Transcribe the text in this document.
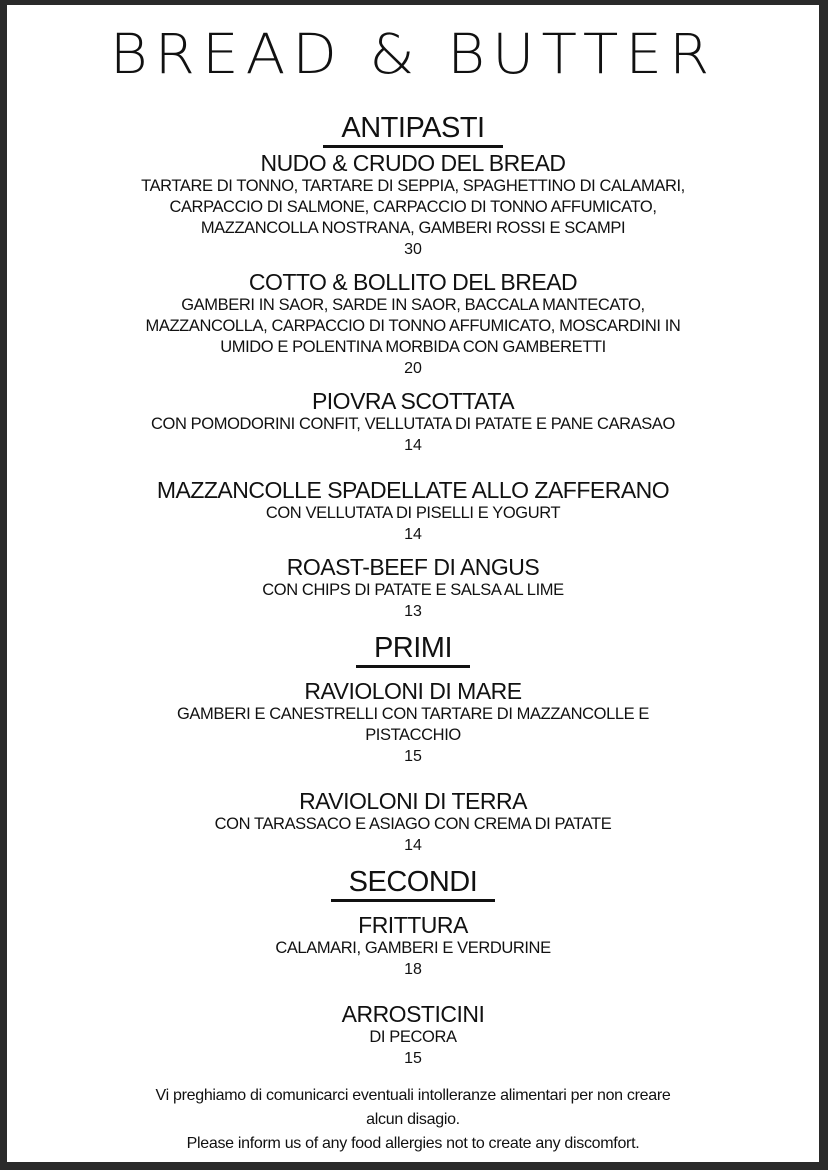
BREAD & BUTTER
ANTIPASTI
NUDO & CRUDO DEL BREAD
TARTARE DI TONNO, TARTARE DI SEPPIA, SPAGHETTINO DI CALAMARI,
CARPACCIO DI SALMONE, CARPACCIO DI TONNO AFFUMICATO,
MAZZANCOLLA NOSTRANA, GAMBERI ROSSI E SCAMPI
30
COTTO & BOLLITO DEL BREAD
GAMBERI IN SAOR, SARDE IN SAOR, BACCALA MANTECATO,
MAZZANCOLLA, CARPACCIO DI TONNO AFFUMICATO, MOSCARDINI IN
UMIDO E POLENTINA MORBIDA CON GAMBERETTI
20
PIOVRA SCOTTATA
CON POMODORINI CONFIT, VELLUTATA DI PATATE E PANE CARASAO
14
MAZZANCOLLE SPADELLATE ALLO ZAFFERANO
CON VELLUTATA DI PISELLI E YOGURT
14
ROAST-BEEF DI ANGUS
CON CHIPS DI PATATE E SALSA AL LIME
13
PRIMI
RAVIOLONI DI MARE
GAMBERI E CANESTRELLI CON TARTARE DI MAZZANCOLLE E
PISTACCHIO
15
RAVIOLONI DI TERRA
CON TARASSACO E ASIAGO CON CREMA DI PATATE
14
SECONDI
FRITTURA
CALAMARI, GAMBERI E VERDURINE
18
ARROSTICINI
DI PECORA
15
Vi preghiamo di comunicarci eventuali intolleranze alimentari per non creare
alcun disagio.
Please inform us of any food allergies not to create any discomfort.
